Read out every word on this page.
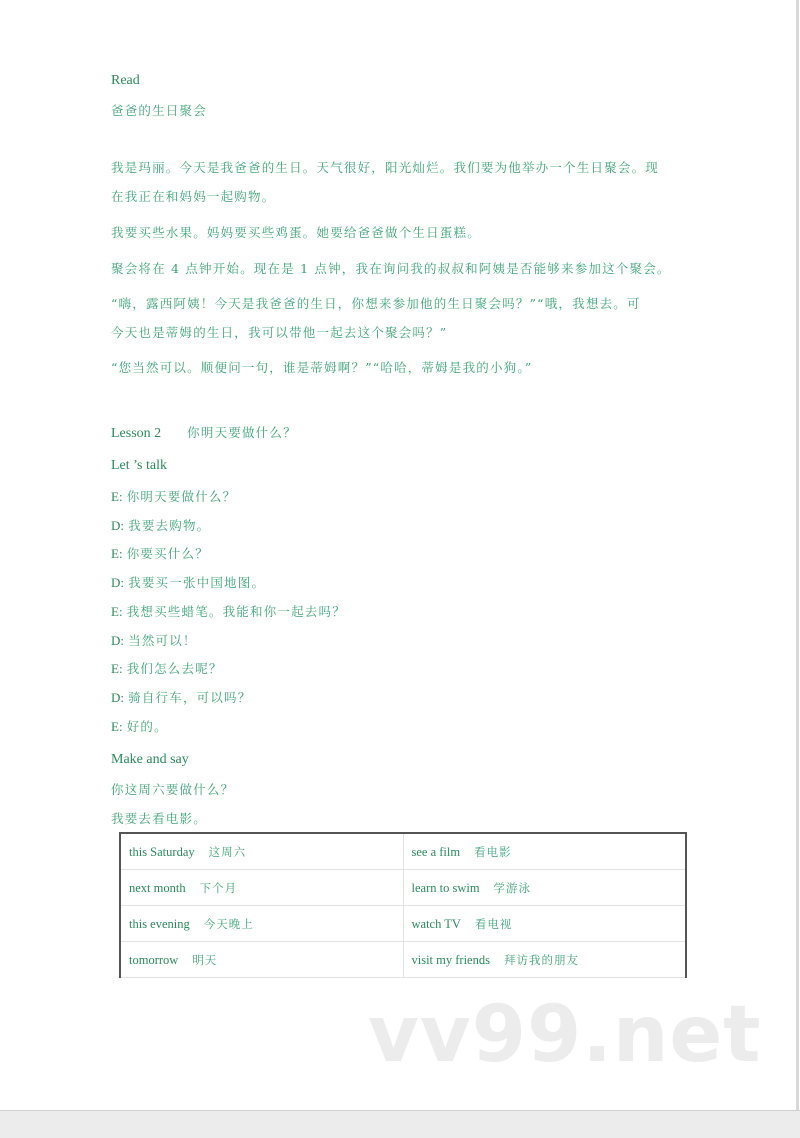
Read
爸爸的生日聚会
我是玛丽。今天是我爸爸的生日。天气很好，阳光灿烂。我们要为他举办一个生日聚会。现
在我正在和妈妈一起购物。
我要买些水果。妈妈要买些鸡蛋。她要给爸爸做个生日蛋糕。
聚会将在 4 点钟开始。现在是 1 点钟，我在询问我的叔叔和阿姨是否能够来参加这个聚会。
“嗨，露西阿姨！今天是我爸爸的生日，你想来参加他的生日聚会吗？”“哦，我想去。可
今天也是蒂姆的生日，我可以带他一起去这个聚会吗？”
“您当然可以。顺便问一句，谁是蒂姆啊？”“哈哈，蒂姆是我的小狗。”
Lesson 2 你明天要做什么？
Let ’s talk
E: 你明天要做什么？
D: 我要去购物。
E: 你要买什么？
D: 我要买一张中国地图。
E: 我想买些蜡笔。我能和你一起去吗？
D: 当然可以！
E: 我们怎么去呢？
D: 骑自行车，可以吗？
E: 好的。
Make and say
你这周六要做什么？
我要去看电影。
this Saturday 这周六	see a film 看电影
next month 下个月	learn to swim 学游泳
this evening 今天晚上	watch TV 看电视
tomorrow 明天	visit my friends 拜访我的朋友
vv99.net
